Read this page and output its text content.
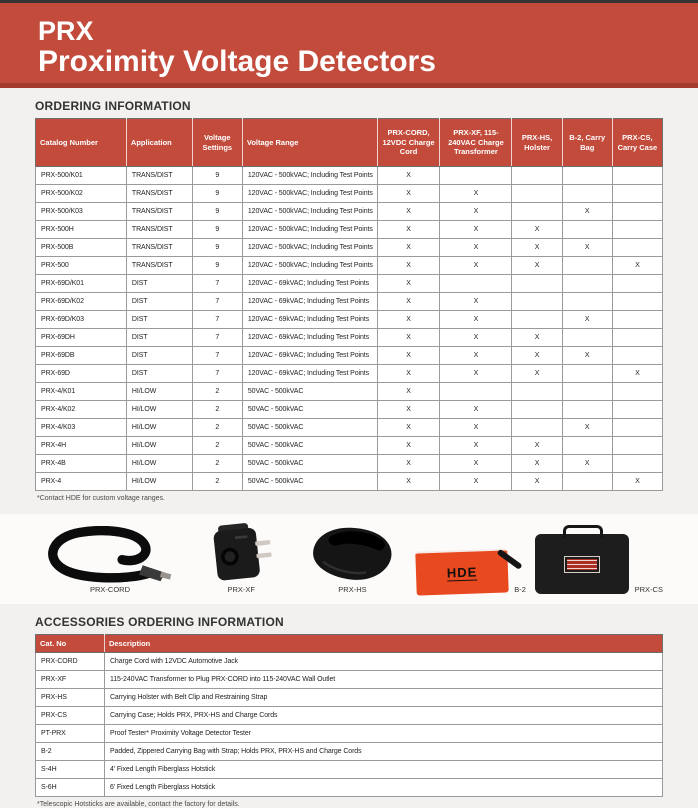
PRX
Proximity Voltage Detectors
ORDERING INFORMATION
Catalog Number	Application	Voltage Settings	Voltage Range	PRX-CORD, 12VDC Charge Cord	PRX-XF, 115-240VAC Charge Transformer	PRX-HS, Holster	B-2, Carry Bag	PRX-CS, Carry Case
PRX-500/K01	TRANS/DIST	9	120VAC - 500kVAC; Including Test Points	X				
PRX-500/K02	TRANS/DIST	9	120VAC - 500kVAC; Including Test Points	X	X			
PRX-500/K03	TRANS/DIST	9	120VAC - 500kVAC; Including Test Points	X	X		X	
PRX-500H	TRANS/DIST	9	120VAC - 500kVAC; Including Test Points	X	X	X		
PRX-500B	TRANS/DIST	9	120VAC - 500kVAC; Including Test Points	X	X	X	X	
PRX-500	TRANS/DIST	9	120VAC - 500kVAC; Including Test Points	X	X	X		X
PRX-69D/K01	DIST	7	120VAC - 69kVAC; Including Test Points	X				
PRX-69D/K02	DIST	7	120VAC - 69kVAC; Including Test Points	X	X			
PRX-69D/K03	DIST	7	120VAC - 69kVAC; Including Test Points	X	X		X	
PRX-69DH	DIST	7	120VAC - 69kVAC; Including Test Points	X	X	X		
PRX-69DB	DIST	7	120VAC - 69kVAC; Including Test Points	X	X	X	X	
PRX-69D	DIST	7	120VAC - 69kVAC; Including Test Points	X	X	X		X
PRX-4/K01	HI/LOW	2	50VAC - 500kVAC	X				
PRX-4/K02	HI/LOW	2	50VAC - 500kVAC	X	X			
PRX-4/K03	HI/LOW	2	50VAC - 500kVAC	X	X		X	
PRX-4H	HI/LOW	2	50VAC - 500kVAC	X	X	X		
PRX-4B	HI/LOW	2	50VAC - 500kVAC	X	X	X	X	
PRX-4	HI/LOW	2	50VAC - 500kVAC	X	X	X		X
*Contact HDE for custom voltage ranges.
PRX-CORD	PRX-XF	PRX-HS
HDE
B-2	PRX-CS
ACCESSORIES ORDERING INFORMATION
Cat. No	Description
PRX-CORD	Charge Cord with 12VDC Automotive Jack
PRX-XF	115-240VAC Transformer to Plug PRX-CORD into 115-240VAC Wall Outlet
PRX-HS	Carrying Holster with Belt Clip and Restraining Strap
PRX-CS	Carrying Case; Holds PRX, PRX-HS and Charge Cords
PT-PRX	Proof Tester* Proximity Voltage Detector Tester
B-2	Padded, Zippered Carrying Bag with Strap; Holds PRX, PRX-HS and Charge Cords
S-4H	4' Fixed Length Fiberglass Hotstick
S-6H	6' Fixed Length Fiberglass Hotstick
*Telescopic Hotsticks are available, contact the factory for details.
